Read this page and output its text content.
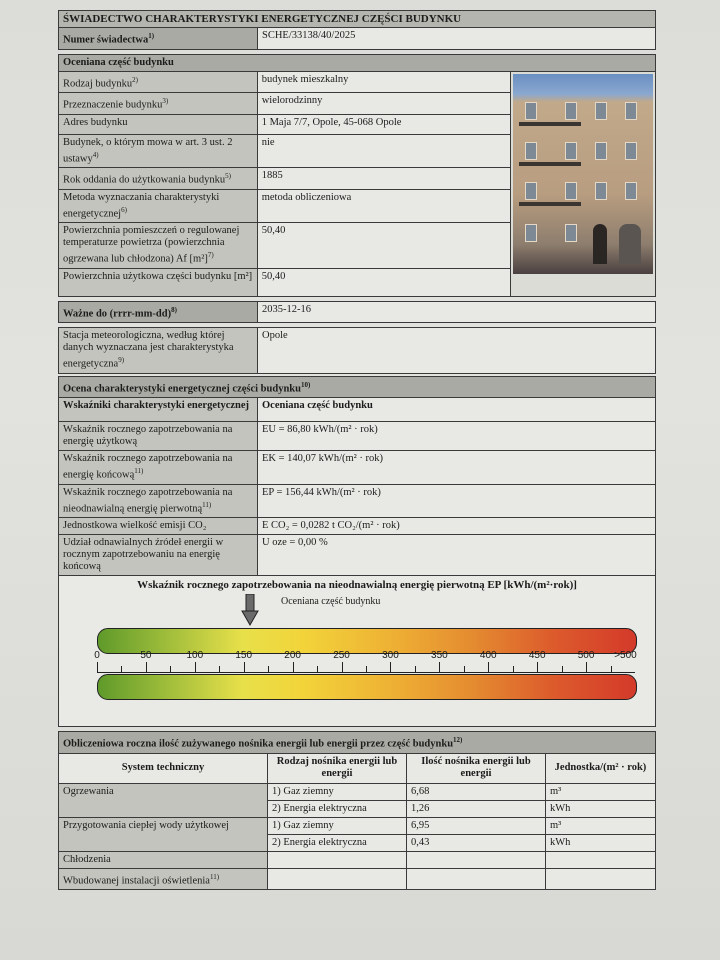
ŚWIADECTWO CHARAKTERYSTYKI ENERGETYCZNEJ CZĘŚCI BUDYNKU
Numer świadectwa$^{1)}$	SCHE/33138/40/2025
Oceniana część budynku		
Rodzaj budynku$^{2)}$	budynek mieszkalny	

Przeznaczenie budynku$^{3)}$	wielorodzinny	
Adres budynku	1 Maja 7/7, Opole, 45-068 Opole	
Budynek, o którym mowa w art. 3 ust. 2 ustawy$^{4)}$	nie	
Rok oddania do użytkowania budynku$^{5)}$	1885	
Metoda wyznaczania charakterystyki energetycznej$^{6)}$	metoda obliczeniowa	
Powierzchnia pomieszczeń o regulowanej temperaturze powietrza (powierzchnia ogrzewana lub chłodzona) Af $[m^2]^{7)}$	50,40	
Powierzchnia użytkowa części budynku [m²]	50,40	
Ważne do (rrrr-mm-dd)$^{8)}$	2035-12-16
Stacja meteorologiczna, według której danych wyznaczana jest charakterystyka energetyczna$^{9)}$	Opole
Ocena charakterystyki energetycznej części budynku$^{10)}$
Wskaźniki charakterystyki energetycznej	Oceniana część budynku
Wskaźnik rocznego zapotrzebowania na energię użytkową	EU = 86,80 kWh/(m² · rok)
Wskaźnik rocznego zapotrzebowania na energię końcową$^{11)}$	EK = 140,07 kWh/(m² · rok)
Wskaźnik rocznego zapotrzebowania na nieodnawialną energię pierwotną$^{11)}$	EP = 156,44 kWh/(m² · rok)
Jednostkowa wielkość emisji CO₂	E CO₂ = 0,0282 t CO₂/(m² · rok)
Udział odnawialnych źródeł energii w rocznym zapotrzebowaniu na energię końcową	U oze = 0,00 %
Wskaźnik rocznego zapotrzebowania na nieodnawialną energię pierwotną EP [kWh/(m²·rok)]
Oceniana część budynku
0	50	100	150	200	250	300	350	400	450	500 >500
Obliczeniowa roczna ilość zużywanego nośnika energii lub energii przez część budynku$^{12)}$
System techniczny	Rodzaj nośnika energii lub energii	Ilość nośnika energii lub energii	Jednostka/(m² · rok)
Ogrzewania	1) Gaz ziemny	6,68	m³
	2) Energia elektryczna	1,26	kWh
Przygotowania ciepłej wody użytkowej	1) Gaz ziemny	6,95	m³
	2) Energia elektryczna	0,43	kWh
Chłodzenia			
Wbudowanej instalacji oświetlenia$^{11)}$			
